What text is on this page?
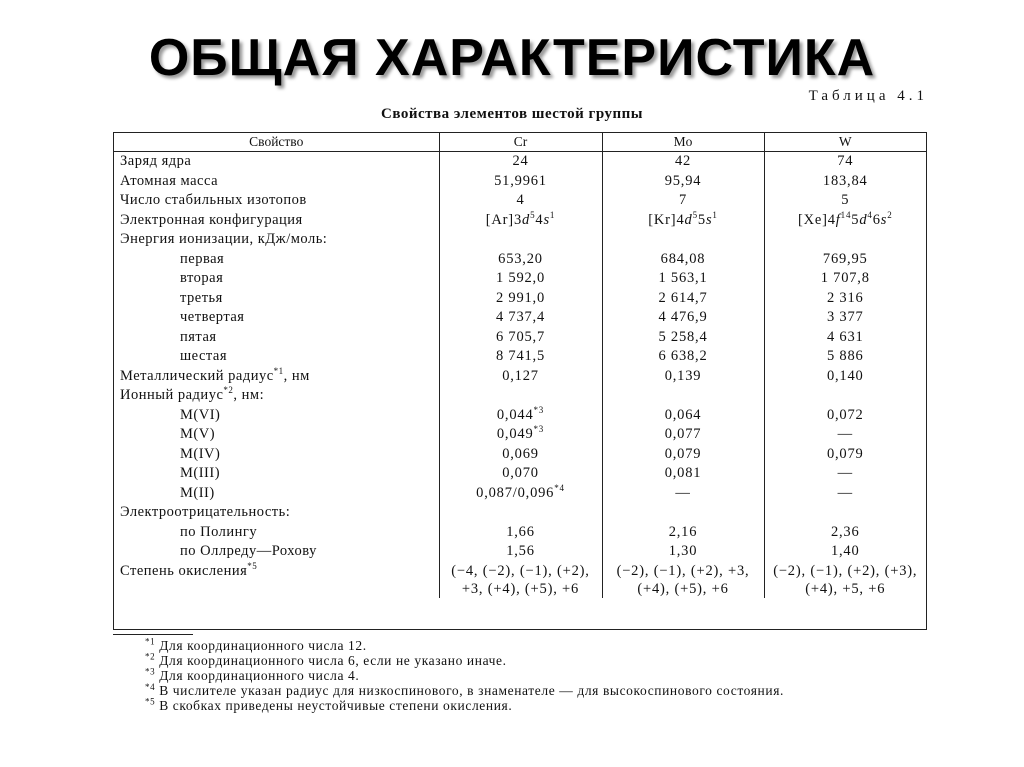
ОБЩАЯ ХАРАКТЕРИСТИКА
Таблица 4.1
Свойства элементов шестой группы
Свойство	Cr	Mo	W
Заряд ядра	24	42	74
Атомная масса	51,9961	95,94	183,84
Число стабильных изотопов	4	7	5
Электронная конфигурация	$[Ar]3d^54s^1$	$[Kr]4d^55s^1$	$[Xe]4f^{14}5d^46s^2$
Энергия ионизации, кДж/моль:			
первая	653,20	684,08	769,95
вторая	1 592,0	1 563,1	1 707,8
третья	2 991,0	2 614,7	2 316
четвертая	4 737,4	4 476,9	3 377
пятая	6 705,7	5 258,4	4 631
шестая	8 741,5	6 638,2	5 886
Металлический радиус$^{*1}$, нм	0,127	0,139	0,140
Ионный радиус$^{*2}$, нм:			
M(VI)	0,044$^{*3}$	0,064	0,072
M(V)	0,049$^{*3}$	0,077	—
M(IV)	0,069	0,079	0,079
M(III)	0,070	0,081	—
M(II)	0,087/0,096$^{*4}$	—	—
Электроотрицательность:			
по Полингу	1,66	2,16	2,36
по Оллреду—Рохову	1,56	1,30	1,40
Степень окисления$^{*5}$	(−4, (−2), (−1), (+2), +3, (+4), (+5), +6	(−2), (−1), (+2), +3, (+4), (+5), +6	(−2), (−1), (+2), (+3), (+4), +5, +6
$^{*1}$ Для координационного числа 12.
$^{*2}$ Для координационного числа 6, если не указано иначе.
$^{*3}$ Для координационного числа 4.
$^{*4}$ В числителе указан радиус для низкоспинового, в знаменателе — для высокоспинового состояния.
$^{*5}$ В скобках приведены неустойчивые степени окисления.
